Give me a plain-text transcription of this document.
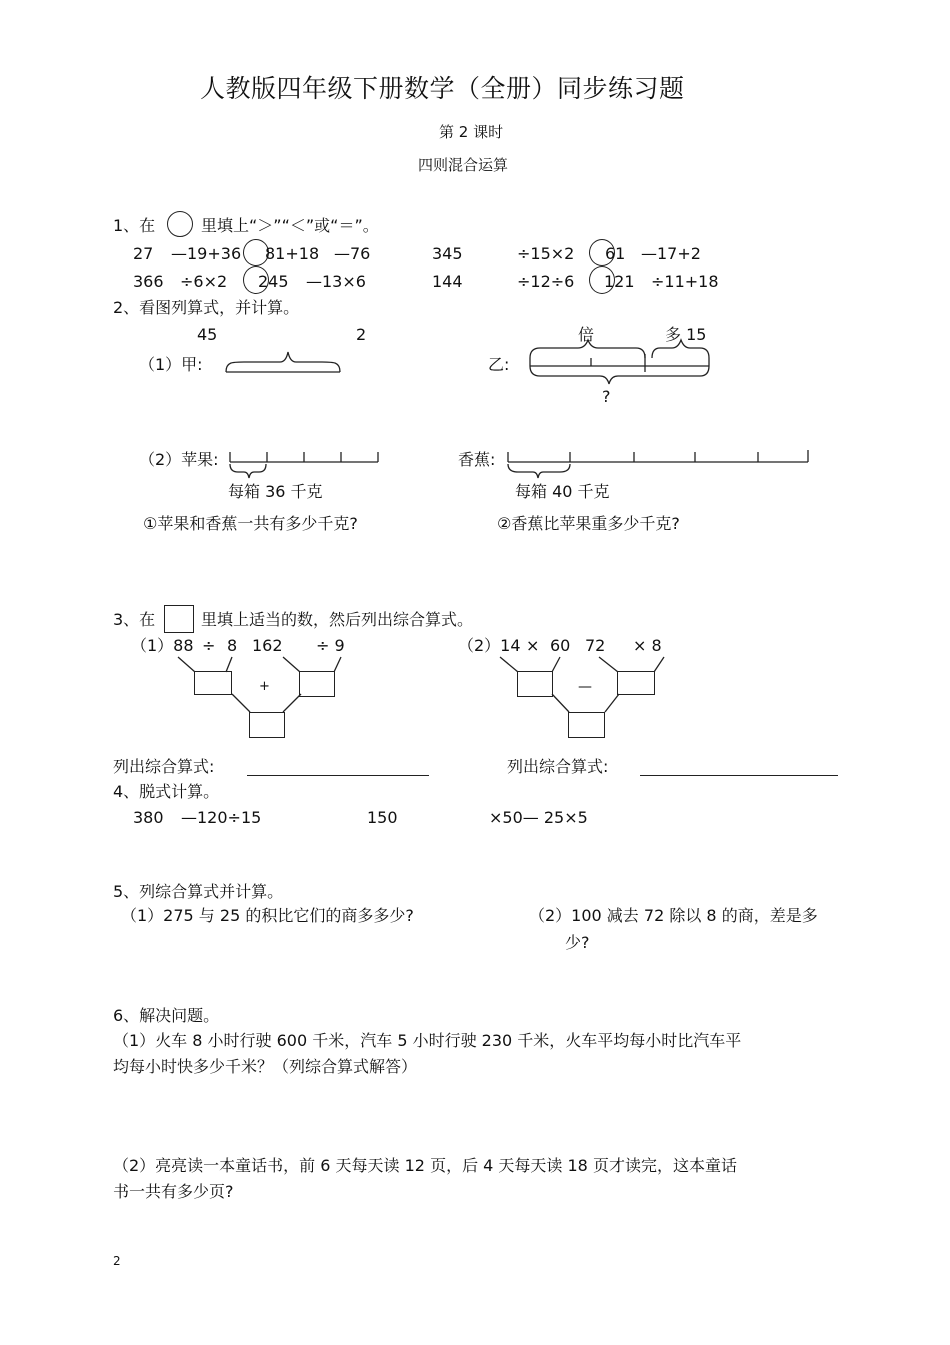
人教版四年级下册数学（全册）同步练习题
第 2 课时
四则混合运算
1、在	里填上“＞”“＜”或“＝”。
27 —19+36 81+18 —76	345	÷15×2 61 —17+2
366 ÷6×2 245 —13×6	144	÷12÷6 121 ÷11+18
2、看图列算式，并计算。
45	2	倍	多 15
（1）甲:	乙:
?
（2）苹果:	香蕉:
每箱 36 千克	每箱 40 千克
①苹果和香蕉一共有多少千克?	②香蕉比苹果重多少千克?
3、在	里填上适当的数，然后列出综合算式。
（1）88 ÷ 8 162 ÷ 9
+
（2）14 × 60 72 × 8
—
列出综合算式:	列出综合算式:
4、脱式计算。
380 —120÷15	150	×50— 25×5
5、列综合算式并计算。
（1）275 与 25 的积比它们的商多多少?	（2）100 减去 72 除以 8 的商，差是多
少?
6、解决问题。
（1）火车 8 小时行驶 600 千米，汽车 5 小时行驶 230 千米，火车平均每小时比汽车平
均每小时快多少千米？（列综合算式解答）
（2）亮亮读一本童话书，前 6 天每天读 12 页，后 4 天每天读 18 页才读完，这本童话
书一共有多少页?
2
